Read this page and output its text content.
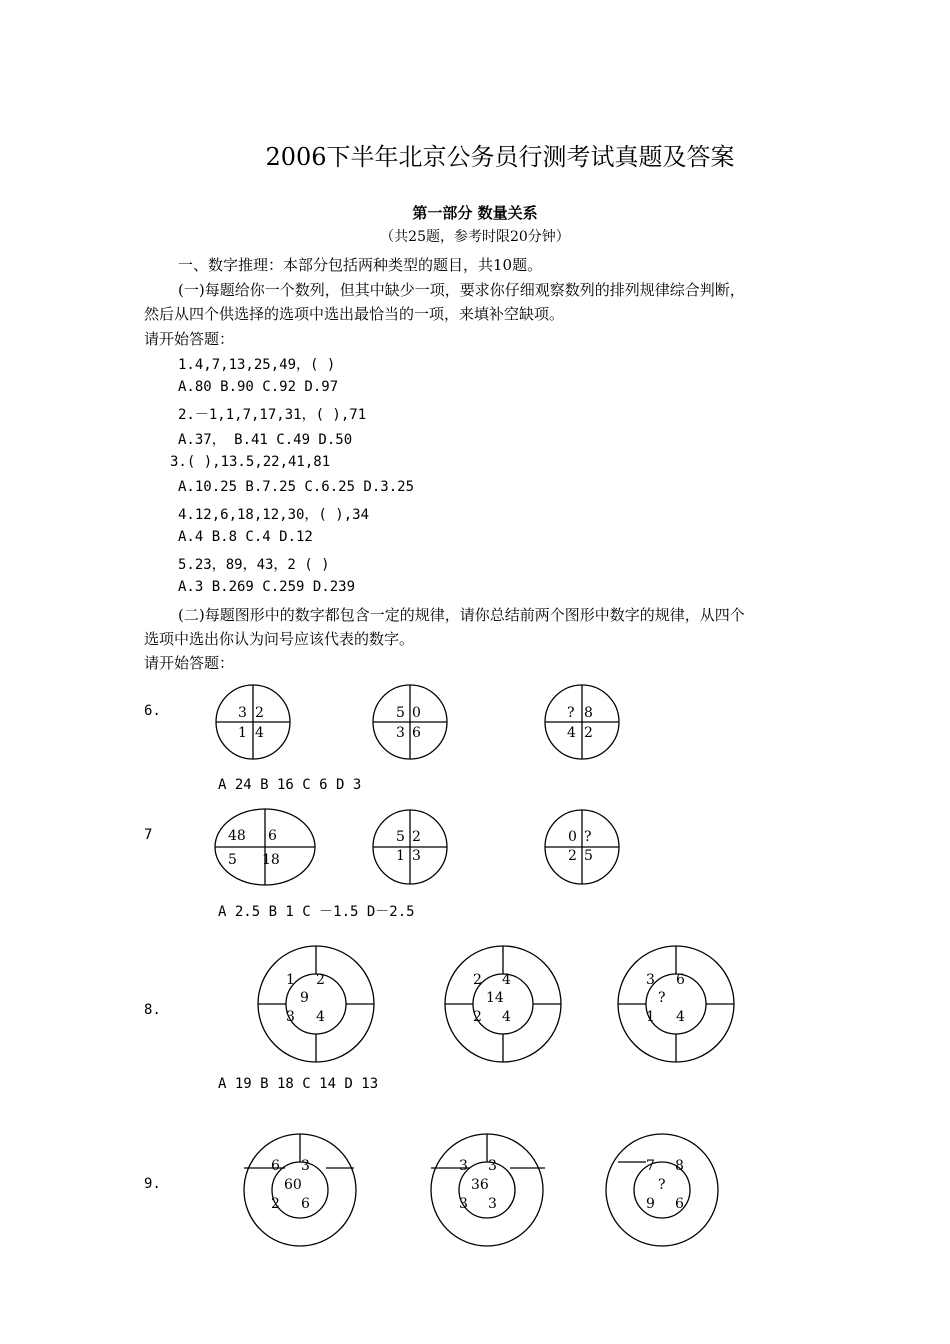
2006下半年北京公务员行测考试真题及答案
第一部分 数量关系
（共25题，参考时限20分钟）
一、数字推理：本部分包括两种类型的题目，共10题。
(一)每题给你一个数列，但其中缺少一项，要求你仔细观察数列的排列规律综合判断，
然后从四个供选择的选项中选出最恰当的一项，来填补空缺项。
请开始答题：
1.4,7,13,25,49，( )
A.80 B.90 C.92 D.97
2.－1,1,7,17,31，( ),71
A.37， B.41 C.49 D.50
3.( ),13.5,22,41,81
A.10.25 B.7.25 C.6.25 D.3.25
4.12,6,18,12,30，( ),34
A.4 B.8 C.4 D.12
5.23，89，43，2 ( )
A.3 B.269 C.259 D.239
(二)每题图形中的数字都包含一定的规律，请你总结前两个图形中数字的规律，从四个
选项中选出你认为问号应该代表的数字。
请开始答题：
6.
A 24 B 16 C 6 D 3
7
A 2.5 B 1 C －1.5 D－2.5
8.
A 19 B 18 C 14 D 13
9.
3 2
1 4
5 0
3 6
? 8
4 2
48 6
5 18
5 2
1 3
0 ?
2 5
1 2
9
3 4
2 4
14
2 4
3 6
?
1 4
6 3
60
2 6
3 3
36
3 3
7 8
?
9 6
